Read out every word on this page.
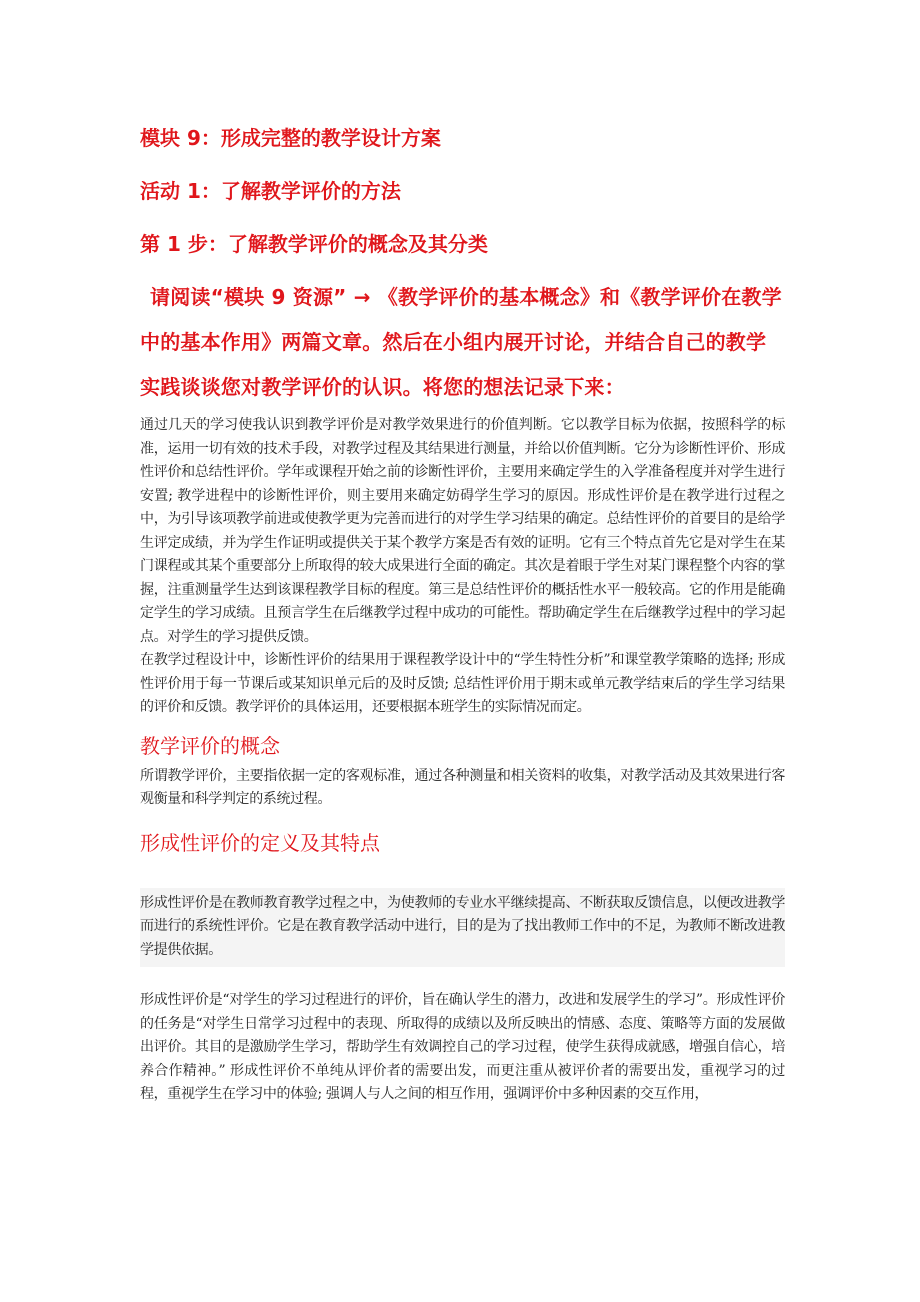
模块 9：形成完整的教学设计方案
活动 1：了解教学评价的方法
第 1 步：了解教学评价的概念及其分类

请阅读“模块 9 资源” → 《教学评价的基本概念》和《教学评价在教学中的基本作用》两篇文章。然后在小组内展开讨论，并结合自己的教学实践谈谈您对教学评价的认识。将您的想法记录下来：

通过几天的学习使我认识到教学评价是对教学效果进行的价值判断。它以教学目标为依据，按照科学的标准，运用一切有效的技术手段，对教学过程及其结果进行测量，并给以价值判断。它分为诊断性评价、形成性评价和总结性评价。学年或课程开始之前的诊断性评价，主要用来确定学生的入学准备程度并对学生进行安置; 教学进程中的诊断性评价，则主要用来确定妨碍学生学习的原因。形成性评价是在教学进行过程之中，为引导该项教学前进或使教学更为完善而进行的对学生学习结果的确定。总结性评价的首要目的是给学生评定成绩，并为学生作证明或提供关于某个教学方案是否有效的证明。它有三个特点首先它是对学生在某门课程或其某个重要部分上所取得的较大成果进行全面的确定。其次是着眼于学生对某门课程整个内容的掌握，注重测量学生达到该课程教学目标的程度。第三是总结性评价的概括性水平一般较高。它的作用是能确定学生的学习成绩。且预言学生在后继教学过程中成功的可能性。帮助确定学生在后继教学过程中的学习起点。对学生的学习提供反馈。

在教学过程设计中，诊断性评价的结果用于课程教学设计中的“学生特性分析”和课堂教学策略的选择; 形成性评价用于每一节课后或某知识单元后的及时反馈; 总结性评价用于期末或单元教学结束后的学生学习结果的评价和反馈。教学评价的具体运用，还要根据本班学生的实际情况而定。

教学评价的概念

所谓教学评价，主要指依据一定的客观标准，通过各种测量和相关资料的收集，对教学活动及其效果进行客观衡量和科学判定的系统过程。

形成性评价的定义及其特点

形成性评价是在教师教育教学过程之中，为使教师的专业水平继续提高、不断获取反馈信息，以便改进教学而进行的系统性评价。它是在教育教学活动中进行，目的是为了找出教师工作中的不足，为教师不断改进教学提供依据。

形成性评价是“对学生的学习过程进行的评价，旨在确认学生的潜力，改进和发展学生的学习”。形成性评价的任务是“对学生日常学习过程中的表现、所取得的成绩以及所反映出的情感、态度、策略等方面的发展做出评价。其目的是激励学生学习，帮助学生有效调控自己的学习过程，使学生获得成就感，增强自信心，培养合作精神。” 形成性评价不单纯从评价者的需要出发，而更注重从被评价者的需要出发，重视学习的过程，重视学生在学习中的体验; 强调人与人之间的相互作用，强调评价中多种因素的交互作用，
